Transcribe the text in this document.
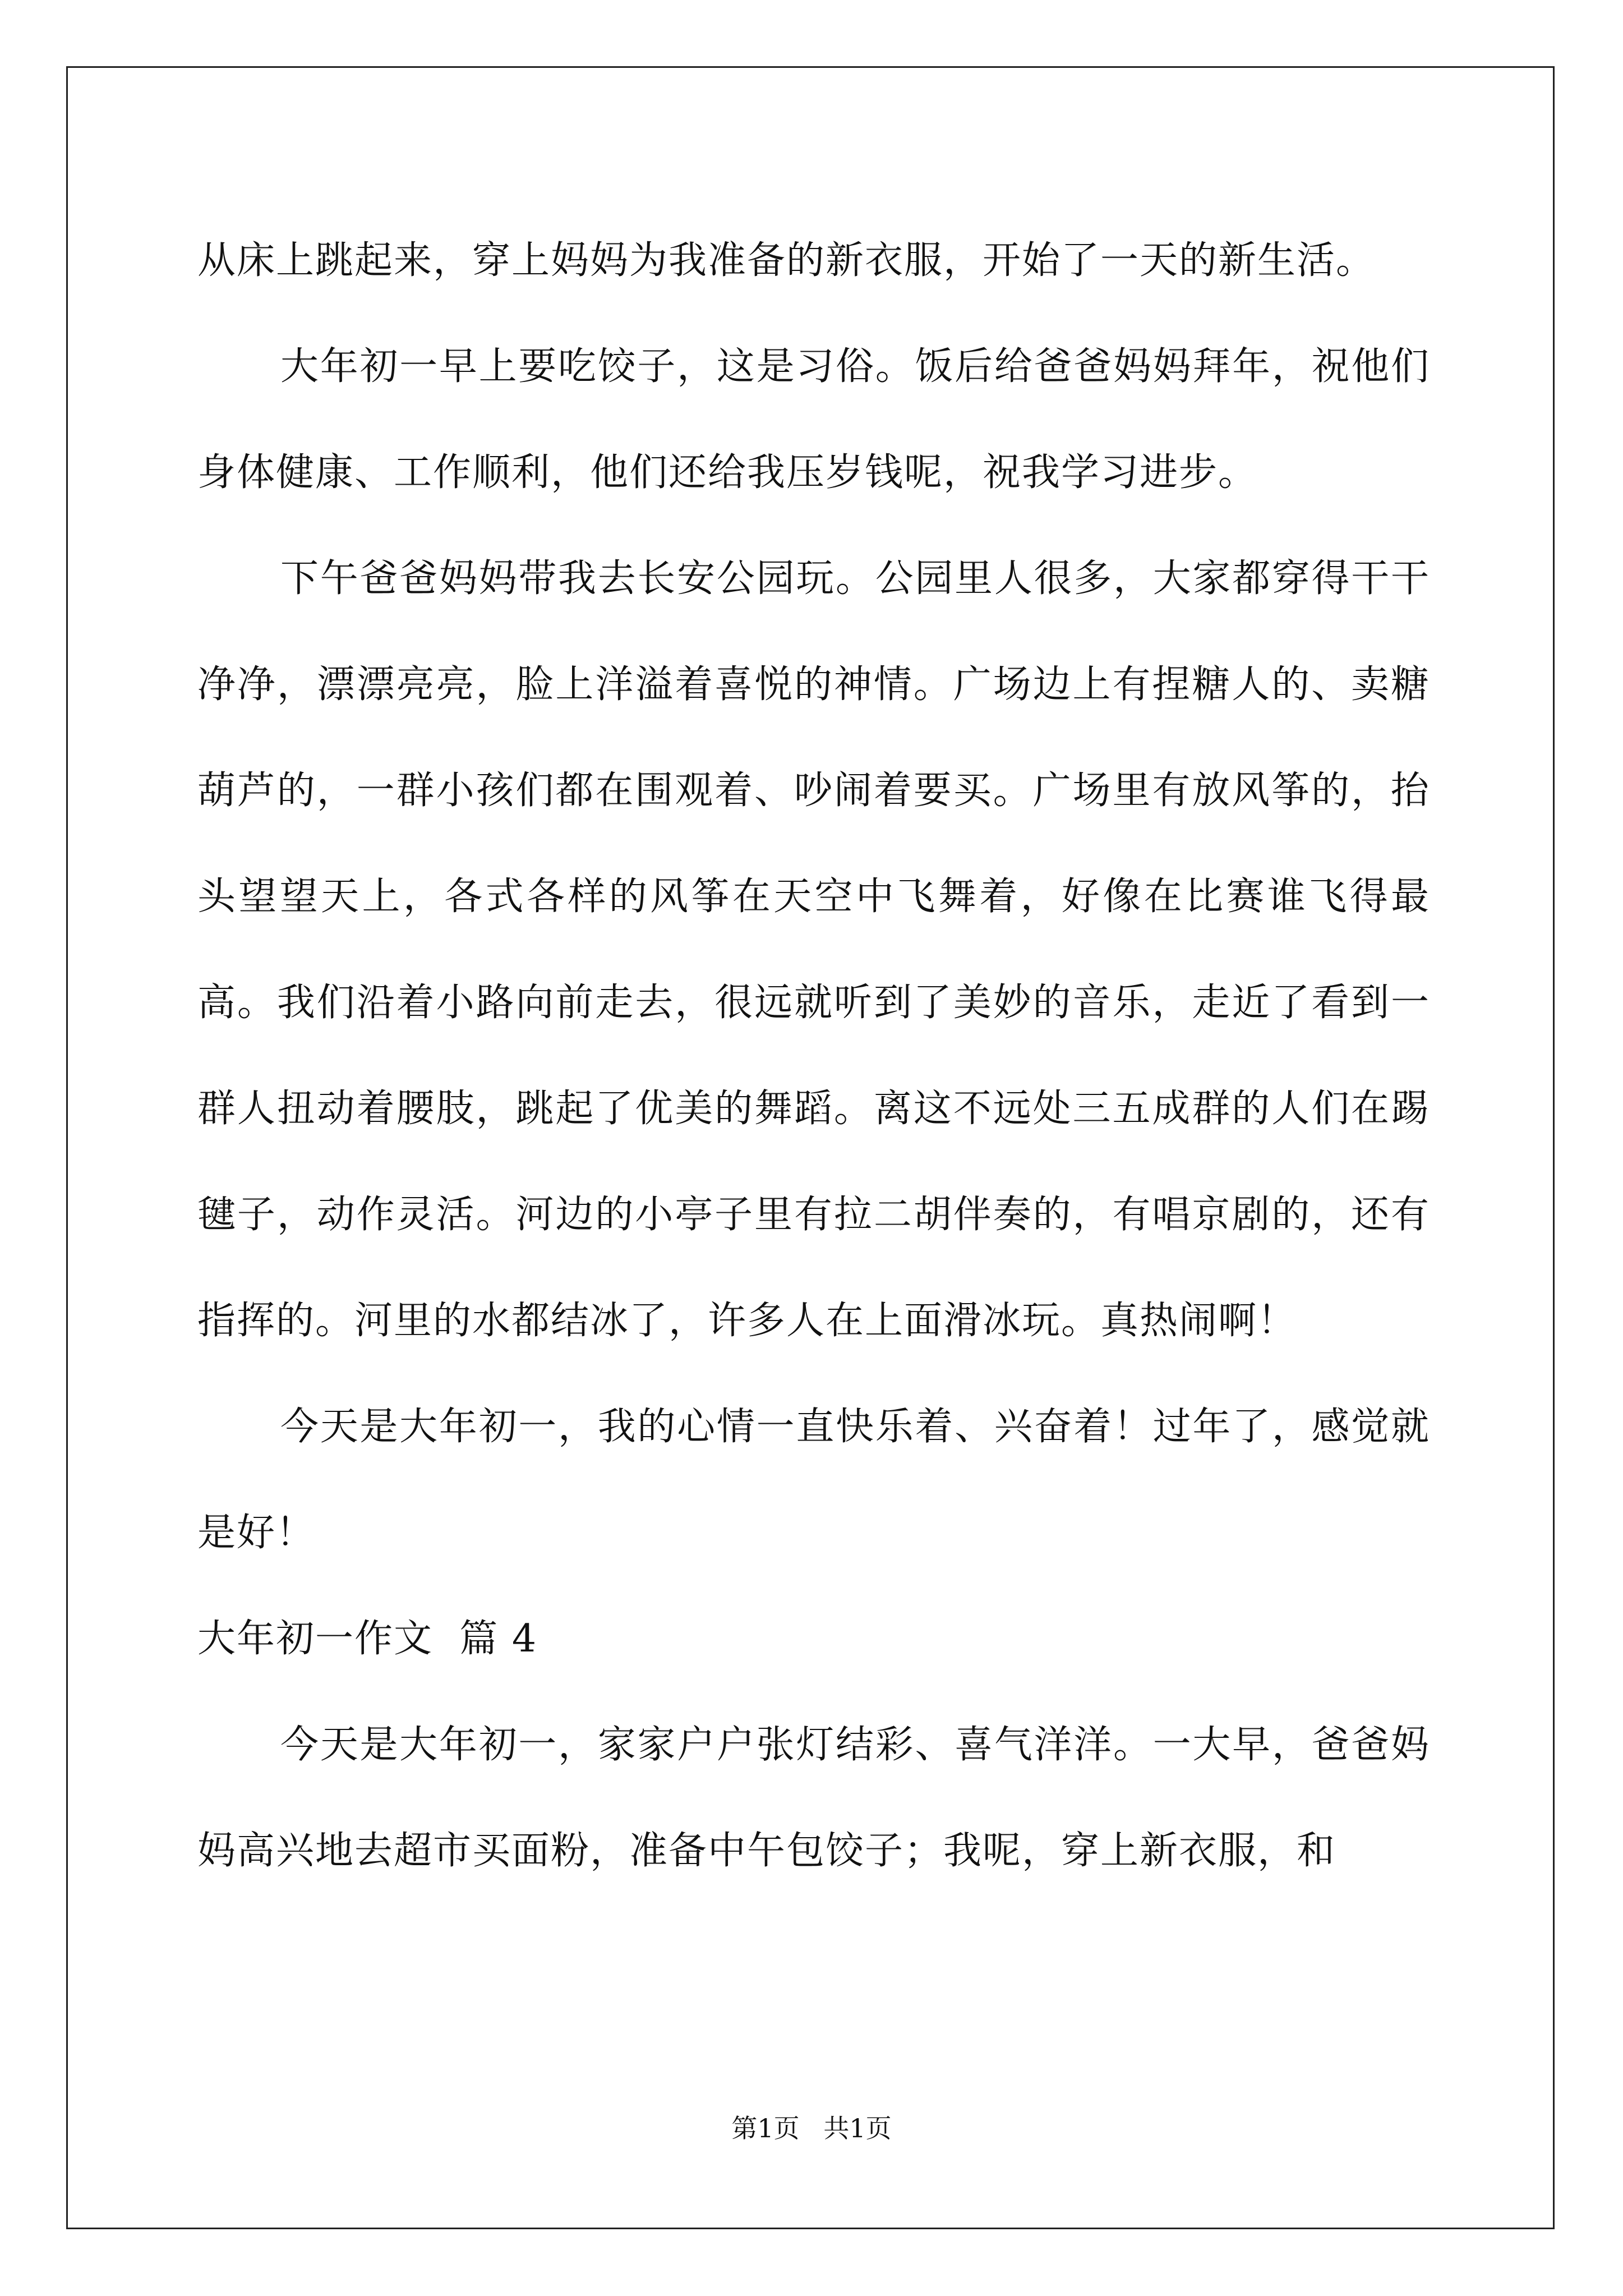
从床上跳起来，穿上妈妈为我准备的新衣服，开始了一天的新生活。

大年初一早上要吃饺子，这是习俗。饭后给爸爸妈妈拜年，祝他们身体健康、工作顺利，他们还给我压岁钱呢，祝我学习进步。

下午爸爸妈妈带我去长安公园玩。公园里人很多，大家都穿得干干净净，漂漂亮亮，脸上洋溢着喜悦的神情。广场边上有捏糖人的、卖糖葫芦的，一群小孩们都在围观着、吵闹着要买。广场里有放风筝的，抬头望望天上，各式各样的风筝在天空中飞舞着，好像在比赛谁飞得最高。我们沿着小路向前走去，很远就听到了美妙的音乐，走近了看到一群人扭动着腰肢，跳起了优美的舞蹈。离这不远处三五成群的人们在踢毽子，动作灵活。河边的小亭子里有拉二胡伴奏的，有唱京剧的，还有指挥的。河里的水都结冰了，许多人在上面滑冰玩。真热闹啊！

今天是大年初一，我的心情一直快乐着、兴奋着！过年了，感觉就是好！

大年初一作文  篇 4

今天是大年初一，家家户户张灯结彩、喜气洋洋。一大早，爸爸妈妈高兴地去超市买面粉，准备中午包饺子；我呢，穿上新衣服，和

第1页 共1页
